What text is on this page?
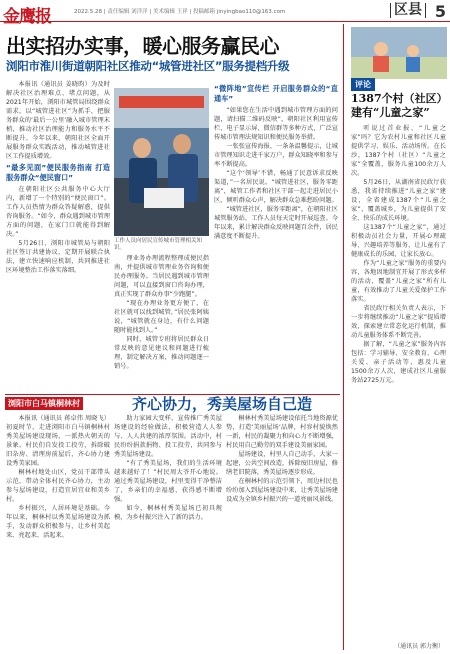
金鹰报	2022.5.28 | 责任编辑 刘洋洋 | 美术编辑 王祥 | 投稿邮箱 jinyingbao110@163.com	区县 5
出实招办实事，暖心服务赢民心
浏阳市淮川街道朝阳社区推动“城管进社区”服务提档升级

本报讯（通讯员 姜晓昀）为及时解决社区治理难点、堵点问题，从2021年开始，浏阳市城管局围绕群众需求，以“城管进社区”为抓手，把服务群众的‘最后一公里’融入城市管理末梢，推动社区治理能力和服务水平不断提升。今年以来，朝阳社区全面开展服务群众实践活动，推动城管进社区工作提质增效。

“最多见面”便民服务指南 打造服务群众“便民窗口”

在朝阳社区公共服务中心大厅内，新增了一个特别的“便民窗口”。工作人员热情为群众答疑解惑，提供咨询服务。“如今，群众遇到城市管理方面的问题，在家门口就能得到解决。”

5月26日，浏阳市城管局与朝阳社区签订共建协议，定期开展联合执法，建立快速响应机制，共同推进社区环境整治工作落实落细。

工作人员向居民宣传城市管理相关知识。

理业务办理流程整理成便民指南，并提供城市管理业务咨询和便民办理服务。当居民遇到城市管理问题，可以直接到窗口咨询办理，真正实现了群众办事“少跑腿”。

“现在办理业务更方便了，在社区就可以找到城管，”居民张阿姨说，“城管就在身边，有什么问题随时能找到人。”

同时，城管专班将居民群众日常反映的意见建议和问题进行梳理，制定解决方案，推动问题逐一销号。

“微阵地”宣传栏 开启服务群众的“直通车”

“如果您在生活中遇到城市管理方面的问题，请扫描二维码反映”，朝阳社区利用宣传栏、电子显示屏、微信群等多种方式，广泛宣传城市管理法规知识和便民服务举措。

一张张宣传海报、一条条温馨提示，让城市管理知识走进千家万户，群众知晓率和参与率不断提高。

“这个‘领导’不错，畅通了民意诉求反映渠道，”一名居民说。“城管进社区，服务零距离”，城管工作者和社区干部一起走进居民小区，倾听群众心声，解决群众急难愁盼问题。

“城管进社区，服务零距离”，在朝阳社区城管服务站，工作人员每天定时开展巡查。今年以来，累计解决群众反映问题百余件，居民满意度不断提升。

评论
1387个村（社区）建有“儿童之家”

听说过首业报、“儿童之家”吗？它为农村儿童和社区儿童提供学习、娱乐、活动场所。在长沙，1387个村（社区）“儿童之家”全覆盖，服务儿童100余万人次。

5月26日，从湖南省民政厅获悉，我省持续推进“儿童之家”建设，全省建成1387个“儿童之家”，覆盖城乡，为儿童提供了安全、快乐的成长环境。

这1387个“儿童之家”，通过积极动员社会力量，开展心理疏导、兴趣培养等服务，让儿童有了健康成长的乐园，让家长放心。

作为“儿童之家”服务的重要内容，各地因地制宜开展了形式多样的活动，覆盖“儿童之家”所有儿童，有效推动了儿童关爱保护工作落实。

省民政厅相关负责人表示，下一步将继续推动“儿童之家”提质增效，探索建立常态化运行机制，推动儿童服务体系不断完善。

据了解，“儿童之家”服务内容包括：学习辅导、安全教育、心理关爱、亲子活动等，惠及儿童1500余万人次，建成社区儿童服务站2725万元。

（通讯员 郭力衡）
浏阳市白马镇桐林村	齐心协力，秀美屋场自己造

本报讯（通讯员 蒋卓伟 周晓飞）初夏时节，走进浏阳市白马镇桐林村秀美屋场建设现场，一派热火朝天的景象。村民们自发投工投劳，拆除破旧杂房、清理房前屋后，齐心协力建设秀美家园。

桐林村地处山区，党员干部带头示范，带动全体村民齐心协力，主动参与屋场建设，打造宜居宜业和美乡村。

乡村振兴，人居环境是基础。今年以来，桐林村以秀美屋场建设为抓手，发动群众积极参与，让乡村美起来、亮起来、活起来。

助力家园大变样，宣传推广秀美屋场建设的经验做法，积极营造人人参与、人人共建的浓厚氛围。活动中，村民纷纷捐款捐物、投工投劳，共同参与秀美屋场建设。

“有了秀美屋场，我们的生活环境越来越好了！”村民周大爷开心地说。通过秀美屋场建设，村里变得干净整洁了，乡亲们的幸福感、获得感不断增强。

如今，桐林村秀美屋场已初具规模，为乡村振兴注入了新的活力。

桐林村秀美屋场建设依托当地资源优势，打造‘美丽屋场’品牌，村容村貌焕然一新，村民的凝聚力和向心力不断增强，村民用自己勤劳的双手建设美丽家园。

屋场建设，村里人自己动手，大家一起建，公共空间改造，拆除废旧房屋，修缮老旧院落，秀美屋场逐步形成。

在桐林村的示范引领下，周边村民也纷纷加入到屋场建设中来，让秀美屋场建设成为全镇乡村振兴的一道亮丽风景线。
